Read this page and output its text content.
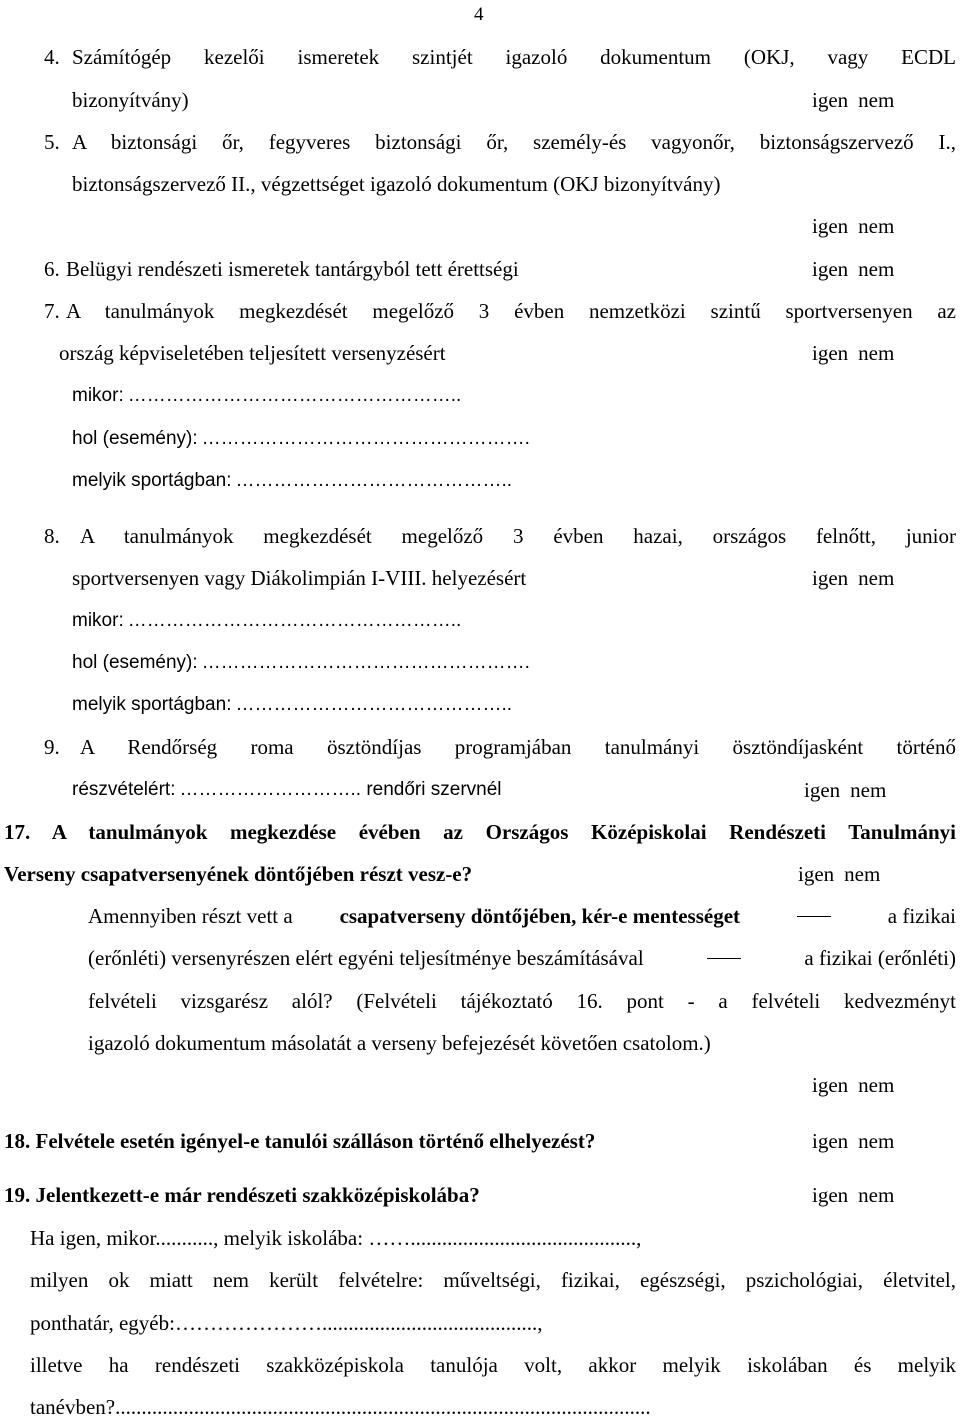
4
4. Számítógép kezelői ismeretek szintjét igazoló dokumentum (OKJ, vagy ECDL
bizonyítvány)	igen nem
5. A biztonsági őr, fegyveres biztonsági őr, személy-és vagyonőr, biztonságszervező I.,
biztonságszervező II., végzettséget igazoló dokumentum (OKJ bizonyítvány)
igen nem
6. Belügyi rendészeti ismeretek tantárgyból tett érettségi	igen nem
7. A tanulmányok megkezdését megelőző 3 évben nemzetközi szintű sportversenyen az
ország képviseletében teljesített versenyzésért	igen nem
mikor: ……………………………………………..
hol (esemény): …………………………………………….
melyik sportágban: ……………………………………..
8. A tanulmányok megkezdését megelőző 3 évben hazai, országos felnőtt, junior
sportversenyen vagy Diákolimpián I-VIII. helyezésért	igen nem
mikor: ……………………………………………..
hol (esemény): …………………………………………….
melyik sportágban: ……………………………………..
9. A Rendőrség roma ösztöndíjas programjában tanulmányi ösztöndíjasként történő
részvételért: ……………………….. rendőri szervnél	igen nem
17. A tanulmányok megkezdése évében az Országos Középiskolai Rendészeti Tanulmányi
Verseny csapatversenyének döntőjében részt vesz-e?	igen nem
Amennyiben részt vett a csapatverseny döntőjében, kér-e mentességet	a fizikai
(erőnléti) versenyrészen elért egyéni teljesítménye beszámításával	a fizikai (erőnléti)
felvételi vizsgarész alól? (Felvételi tájékoztató 16. pont - a felvételi kedvezményt
igazoló dokumentum másolatát a verseny befejezését követően csatolom.)
igen nem
18. Felvétele esetén igényel-e tanulói szálláson történő elhelyezést?	igen nem
19. Jelentkezett-e már rendészeti szakközépiskolába?	igen nem
Ha igen, mikor..........., melyik iskolába: ……...........................................,
milyen ok miatt nem került felvételre: műveltségi, fizikai, egészségi, pszichológiai, életvitel,
ponthatár, egyéb:………………….........................................,
illetve ha rendészeti szakközépiskola tanulója volt, akkor melyik iskolában és melyik
tanévben?......................................................................................................
